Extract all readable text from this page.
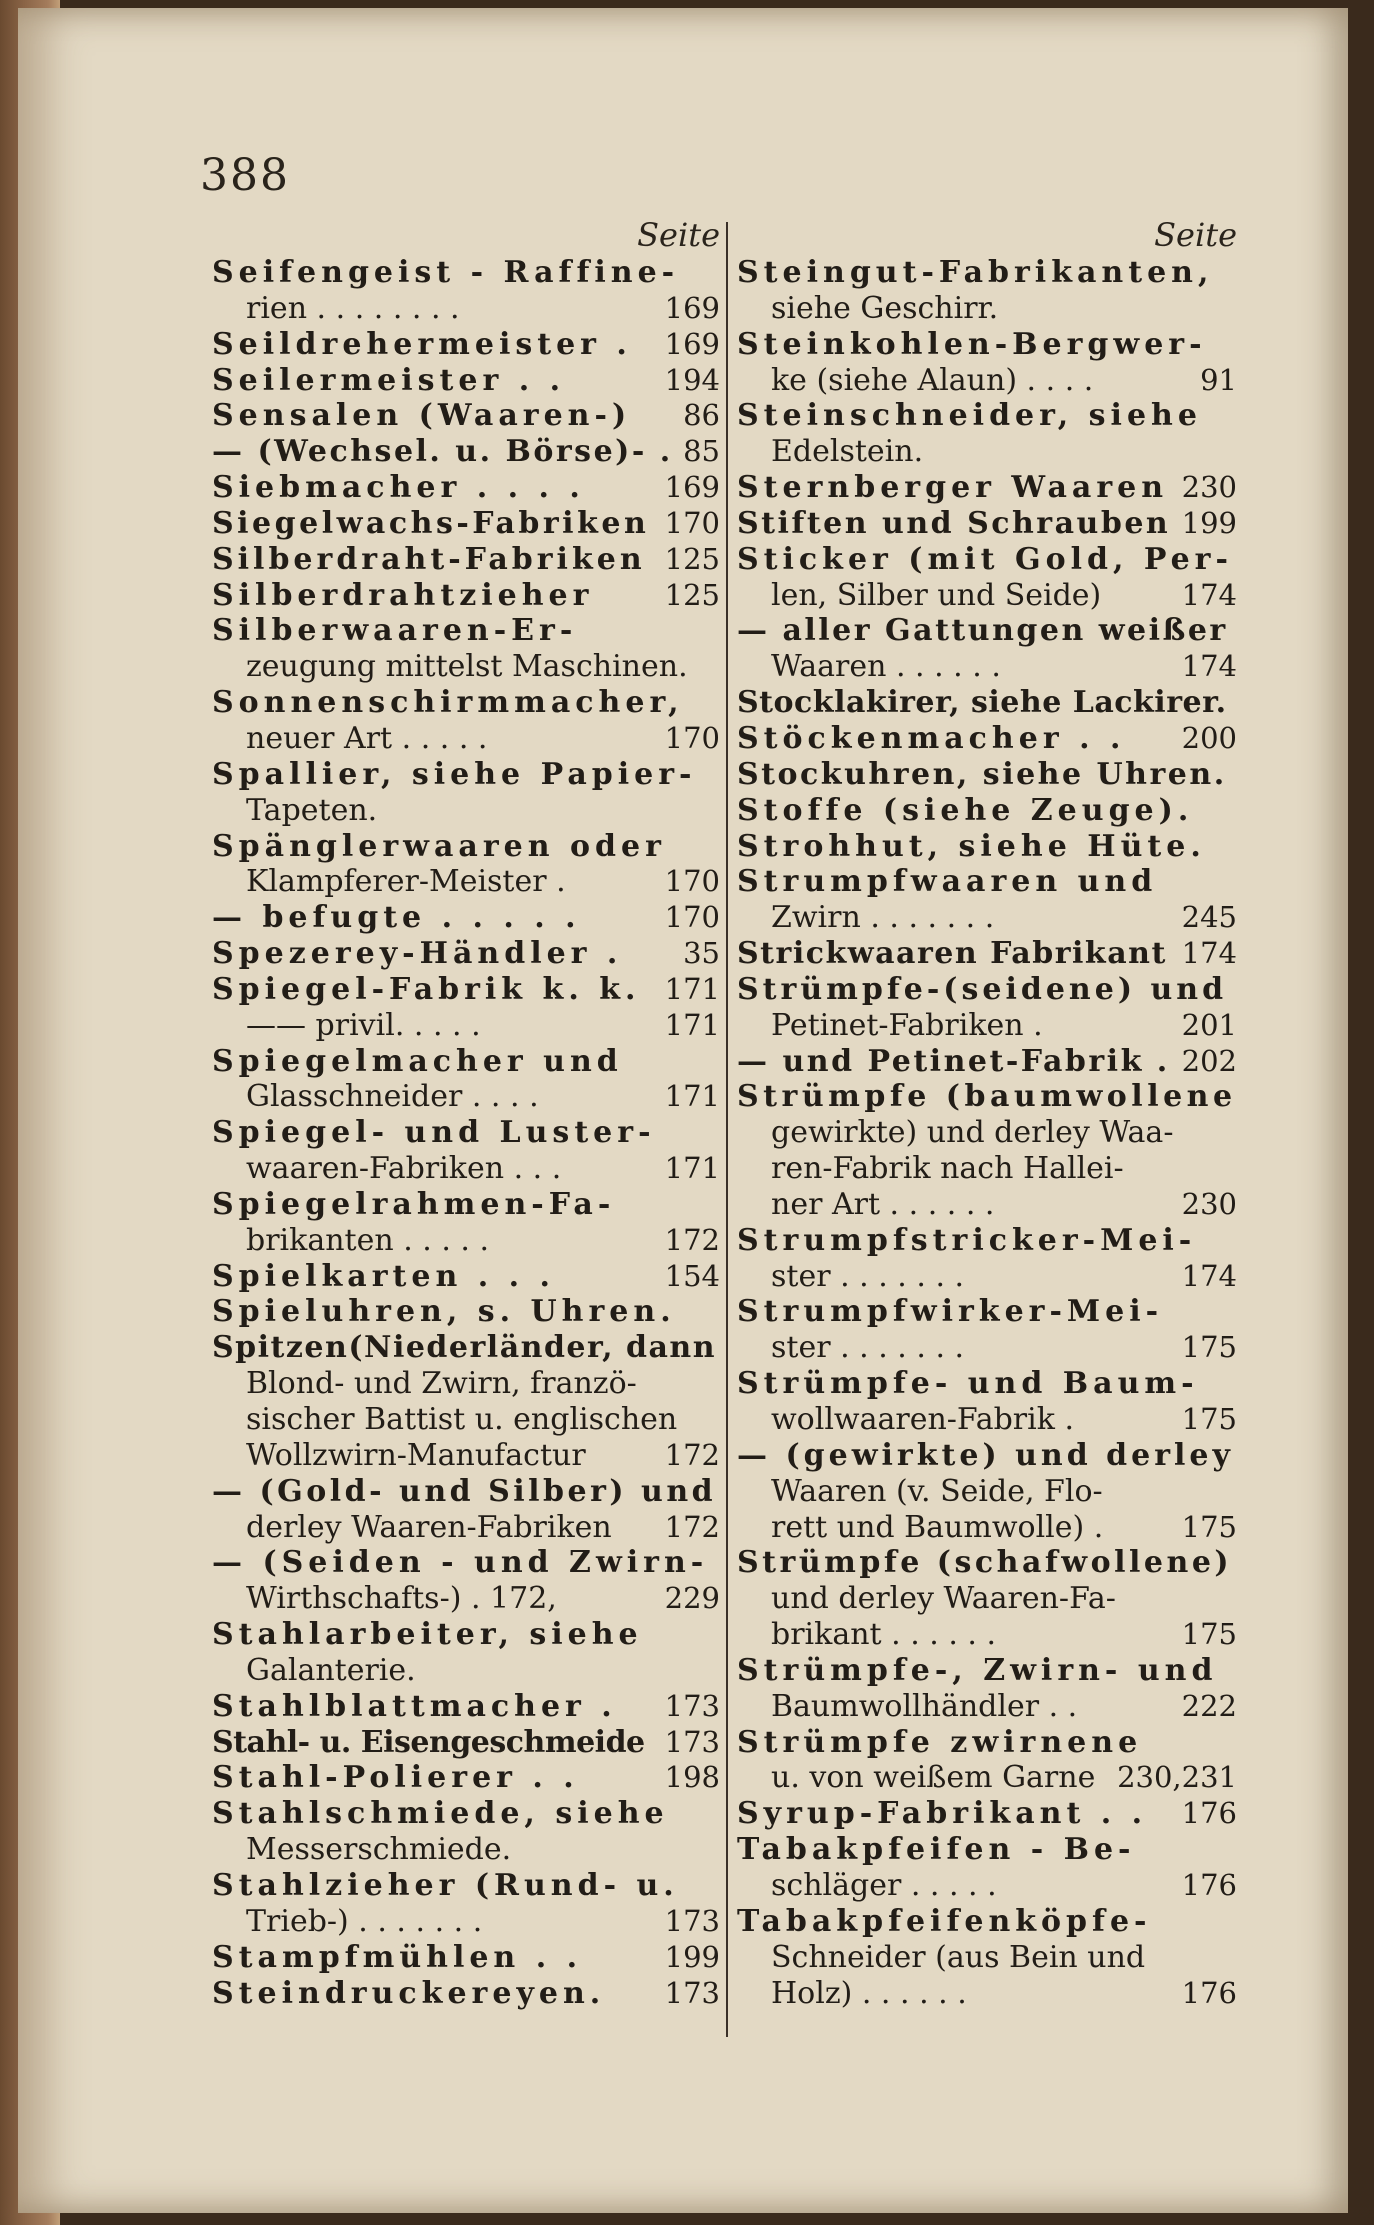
388
Seite
Seifengeist - Raffine-
rien . . . . . . . .	169
Seildrehermeister . 169
Seilermeister . .	194
Sensalen (Waaren-) 86
— (Wechsel. u. Börse)- . 85
Siebmacher . . . .	169
Siegelwachs-Fabriken 170
Silberdraht-Fabriken 125
Silberdrahtzieher 125
Silberwaaren-Er-
zeugung mittelst Maschinen.
Sonnenschirmmacher,
neuer Art . . . . .	170
Spallier, siehe Papier-
Tapeten.
Spänglerwaaren oder
Klampferer-Meister .	170
— befugte . . . . .	170
Spezerey-Händler . 35
Spiegel-Fabrik k. k. 171
—— privil. . . . .	171
Spiegelmacher und
Glasschneider . . . .	171
Spiegel- und Luster-
waaren-Fabriken . . .	171
Spiegelrahmen-Fa-
brikanten . . . . .	172
Spielkarten . . .	154
Spieluhren, s. Uhren.
Spitzen(Niederländer, dann
Blond- und Zwirn, franzö-
sischer Battist u. englischen
Wollzwirn-Manufactur	172
— (Gold- und Silber) und
derley Waaren-Fabriken 172
— (Seiden - und Zwirn-
Wirthschafts-) . 172,	229
Stahlarbeiter, siehe
Galanterie.
Stahlblattmacher . 173
Stahl- u. Eisengeschmeide 173
Stahl-Polierer . .	198
Stahlschmiede, siehe
Messerschmiede.
Stahlzieher (Rund- u.
Trieb-) . . . . . . .	173
Stampfmühlen . .	199
Steindruckereyen. 173
Seite
Steingut-Fabrikanten,
siehe Geschirr.
Steinkohlen-Bergwer-
ke (siehe Alaun) . . . .	91
Steinschneider, siehe
Edelstein.
Sternberger Waaren 230
Stiften und Schrauben 199
Sticker (mit Gold, Per-
len, Silber und Seide)	174
— aller Gattungen weißer
Waaren . . . . . .	174
Stocklakirer, siehe Lackirer.
Stöckenmacher . . 200
Stockuhren, siehe Uhren.
Stoffe (siehe Zeuge).
Strohhut, siehe Hüte.
Strumpfwaaren und
Zwirn . . . . . . .	245
Strickwaaren Fabrikant 174
Strümpfe-(seidene) und
Petinet-Fabriken .	201
— und Petinet-Fabrik . 202
Strümpfe (baumwollene
gewirkte) und derley Waa-
ren-Fabrik nach Hallei-
ner Art . . . . . .	230
Strumpfstricker-Mei-
ster . . . . . . .	174
Strumpfwirker-Mei-
ster . . . . . . .	175
Strümpfe- und Baum-
wollwaaren-Fabrik .	175
— (gewirkte) und derley
Waaren (v. Seide, Flo-
rett und Baumwolle) .	175
Strümpfe (schafwollene)
und derley Waaren-Fa-
brikant . . . . . .	175
Strümpfe-, Zwirn- und
Baumwollhändler . .	222
Strümpfe zwirnene
u. von weißem Garne 230,231
Syrup-Fabrikant . . 176
Tabakpfeifen - Be-
schläger . . . . .	176
Tabakpfeifenköpfe-
Schneider (aus Bein und
Holz) . . . . . .	176
